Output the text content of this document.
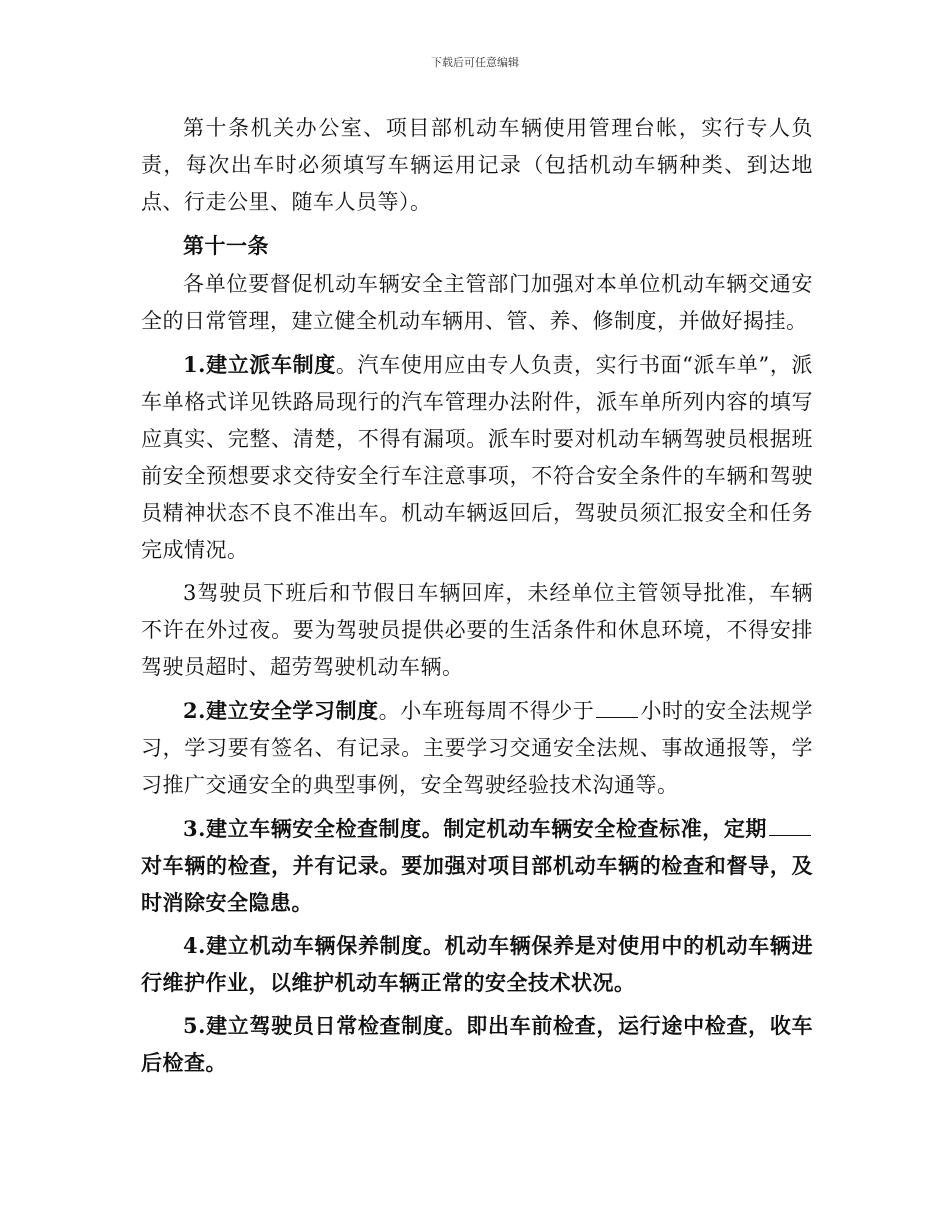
下载后可任意编辑

第十条机关办公室、项目部机动车辆使用管理台帐，实行专人负责，每次出车时必须填写车辆运用记录（包括机动车辆种类、到达地点、行走公里、随车人员等）。

第十一条

各单位要督促机动车辆安全主管部门加强对本单位机动车辆交通安全的日常管理，建立健全机动车辆用、管、养、修制度，并做好揭挂。

1.建立派车制度。汽车使用应由专人负责，实行书面“派车单”，派车单格式详见铁路局现行的汽车管理办法附件，派车单所列内容的填写应真实、完整、清楚，不得有漏项。派车时要对机动车辆驾驶员根据班前安全预想要求交待安全行车注意事项，不符合安全条件的车辆和驾驶员精神状态不良不准出车。机动车辆返回后，驾驶员须汇报安全和任务完成情况。

3驾驶员下班后和节假日车辆回库，未经单位主管领导批准，车辆不许在外过夜。要为驾驶员提供必要的生活条件和休息环境，不得安排驾驶员超时、超劳驾驶机动车辆。

2.建立安全学习制度。小车班每周不得少于 小时的安全法规学习，学习要有签名、有记录。主要学习交通安全法规、事故通报等，学习推广交通安全的典型事例，安全驾驶经验技术沟通等。

3.建立车辆安全检查制度。制定机动车辆安全检查标准，定期对车辆的检查，并有记录。要加强对项目部机动车辆的检查和督导，及时消除安全隐患。

4.建立机动车辆保养制度。机动车辆保养是对使用中的机动车辆进行维护作业，以维护机动车辆正常的安全技术状况。

5.建立驾驶员日常检查制度。即出车前检查，运行途中检查，收车后检查。
